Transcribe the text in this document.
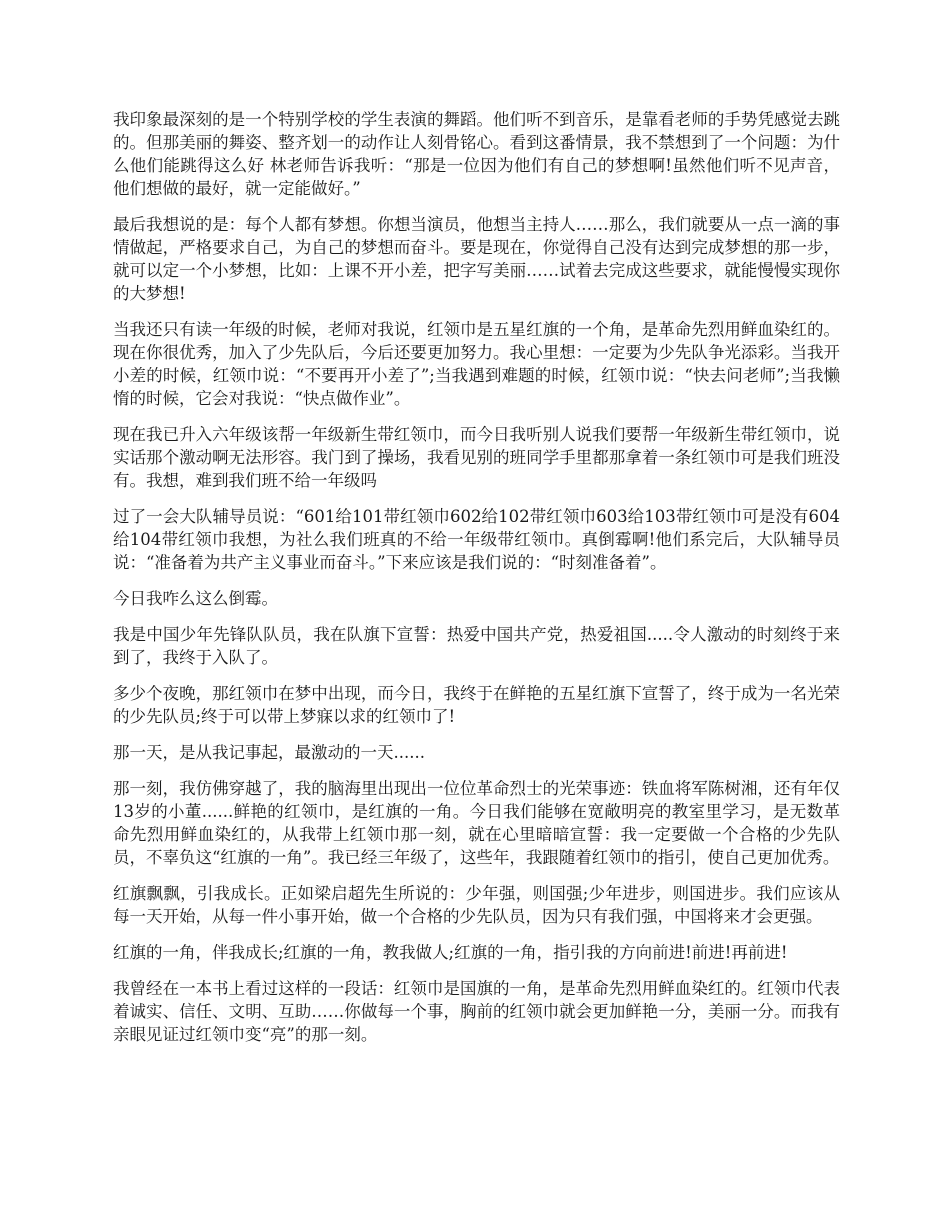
我印象最深刻的是一个特别学校的学生表演的舞蹈。他们听不到音乐，是靠看老师的手势凭感觉去跳的。但那美丽的舞姿、整齐划一的动作让人刻骨铭心。看到这番情景，我不禁想到了一个问题：为什么他们能跳得这么好 林老师告诉我听：“那是一位因为他们有自己的梦想啊!虽然他们听不见声音，他们想做的最好，就一定能做好。”

最后我想说的是：每个人都有梦想。你想当演员，他想当主持人……那么，我们就要从一点一滴的事情做起，严格要求自己，为自己的梦想而奋斗。要是现在，你觉得自己没有达到完成梦想的那一步，就可以定一个小梦想，比如：上课不开小差，把字写美丽……试着去完成这些要求，就能慢慢实现你的大梦想!

当我还只有读一年级的时候，老师对我说，红领巾是五星红旗的一个角，是革命先烈用鲜血染红的。现在你很优秀，加入了少先队后，今后还要更加努力。我心里想：一定要为少先队争光添彩。当我开小差的时候，红领巾说：“不要再开小差了”;当我遇到难题的时候，红领巾说：“快去问老师”;当我懒惰的时候，它会对我说：“快点做作业”。

现在我已升入六年级该帮一年级新生带红领巾，而今日我听别人说我们要帮一年级新生带红领巾，说实话那个激动啊无法形容。我门到了操场，我看见别的班同学手里都那拿着一条红领巾可是我们班没有。我想，难到我们班不给一年级吗

过了一会大队辅导员说：“601给101带红领巾602给102带红领巾603给103带红领巾可是没有604给104带红领巾我想，为社么我们班真的不给一年级带红领巾。真倒霉啊!他们系完后，大队辅导员说：“准备着为共产主义事业而奋斗。”下来应该是我们说的：“时刻准备着”。

今日我咋么这么倒霉。

我是中国少年先锋队队员，我在队旗下宣誓：热爱中国共产党，热爱祖国.....令人激动的时刻终于来到了，我终于入队了。

多少个夜晚，那红领巾在梦中出现，而今日，我终于在鲜艳的五星红旗下宣誓了，终于成为一名光荣的少先队员;终于可以带上梦寐以求的红领巾了!

那一天，是从我记事起，最激动的一天......

那一刻，我仿佛穿越了，我的脑海里出现出一位位革命烈士的光荣事迹：铁血将军陈树湘，还有年仅13岁的小董......鲜艳的红领巾，是红旗的一角。今日我们能够在宽敞明亮的教室里学习，是无数革命先烈用鲜血染红的，从我带上红领巾那一刻，就在心里暗暗宣誓：我一定要做一个合格的少先队员，不辜负这“红旗的一角”。我已经三年级了，这些年，我跟随着红领巾的指引，使自己更加优秀。

红旗飘飘，引我成长。正如梁启超先生所说的：少年强，则国强;少年进步，则国进步。我们应该从每一天开始，从每一件小事开始，做一个合格的少先队员，因为只有我们强，中国将来才会更强。

红旗的一角，伴我成长;红旗的一角，教我做人;红旗的一角，指引我的方向前进!前进!再前进!

我曾经在一本书上看过这样的一段话：红领巾是国旗的一角，是革命先烈用鲜血染红的。红领巾代表着诚实、信任、文明、互助……你做每一个事，胸前的红领巾就会更加鲜艳一分，美丽一分。而我有亲眼见证过红领巾变“亮”的那一刻。
